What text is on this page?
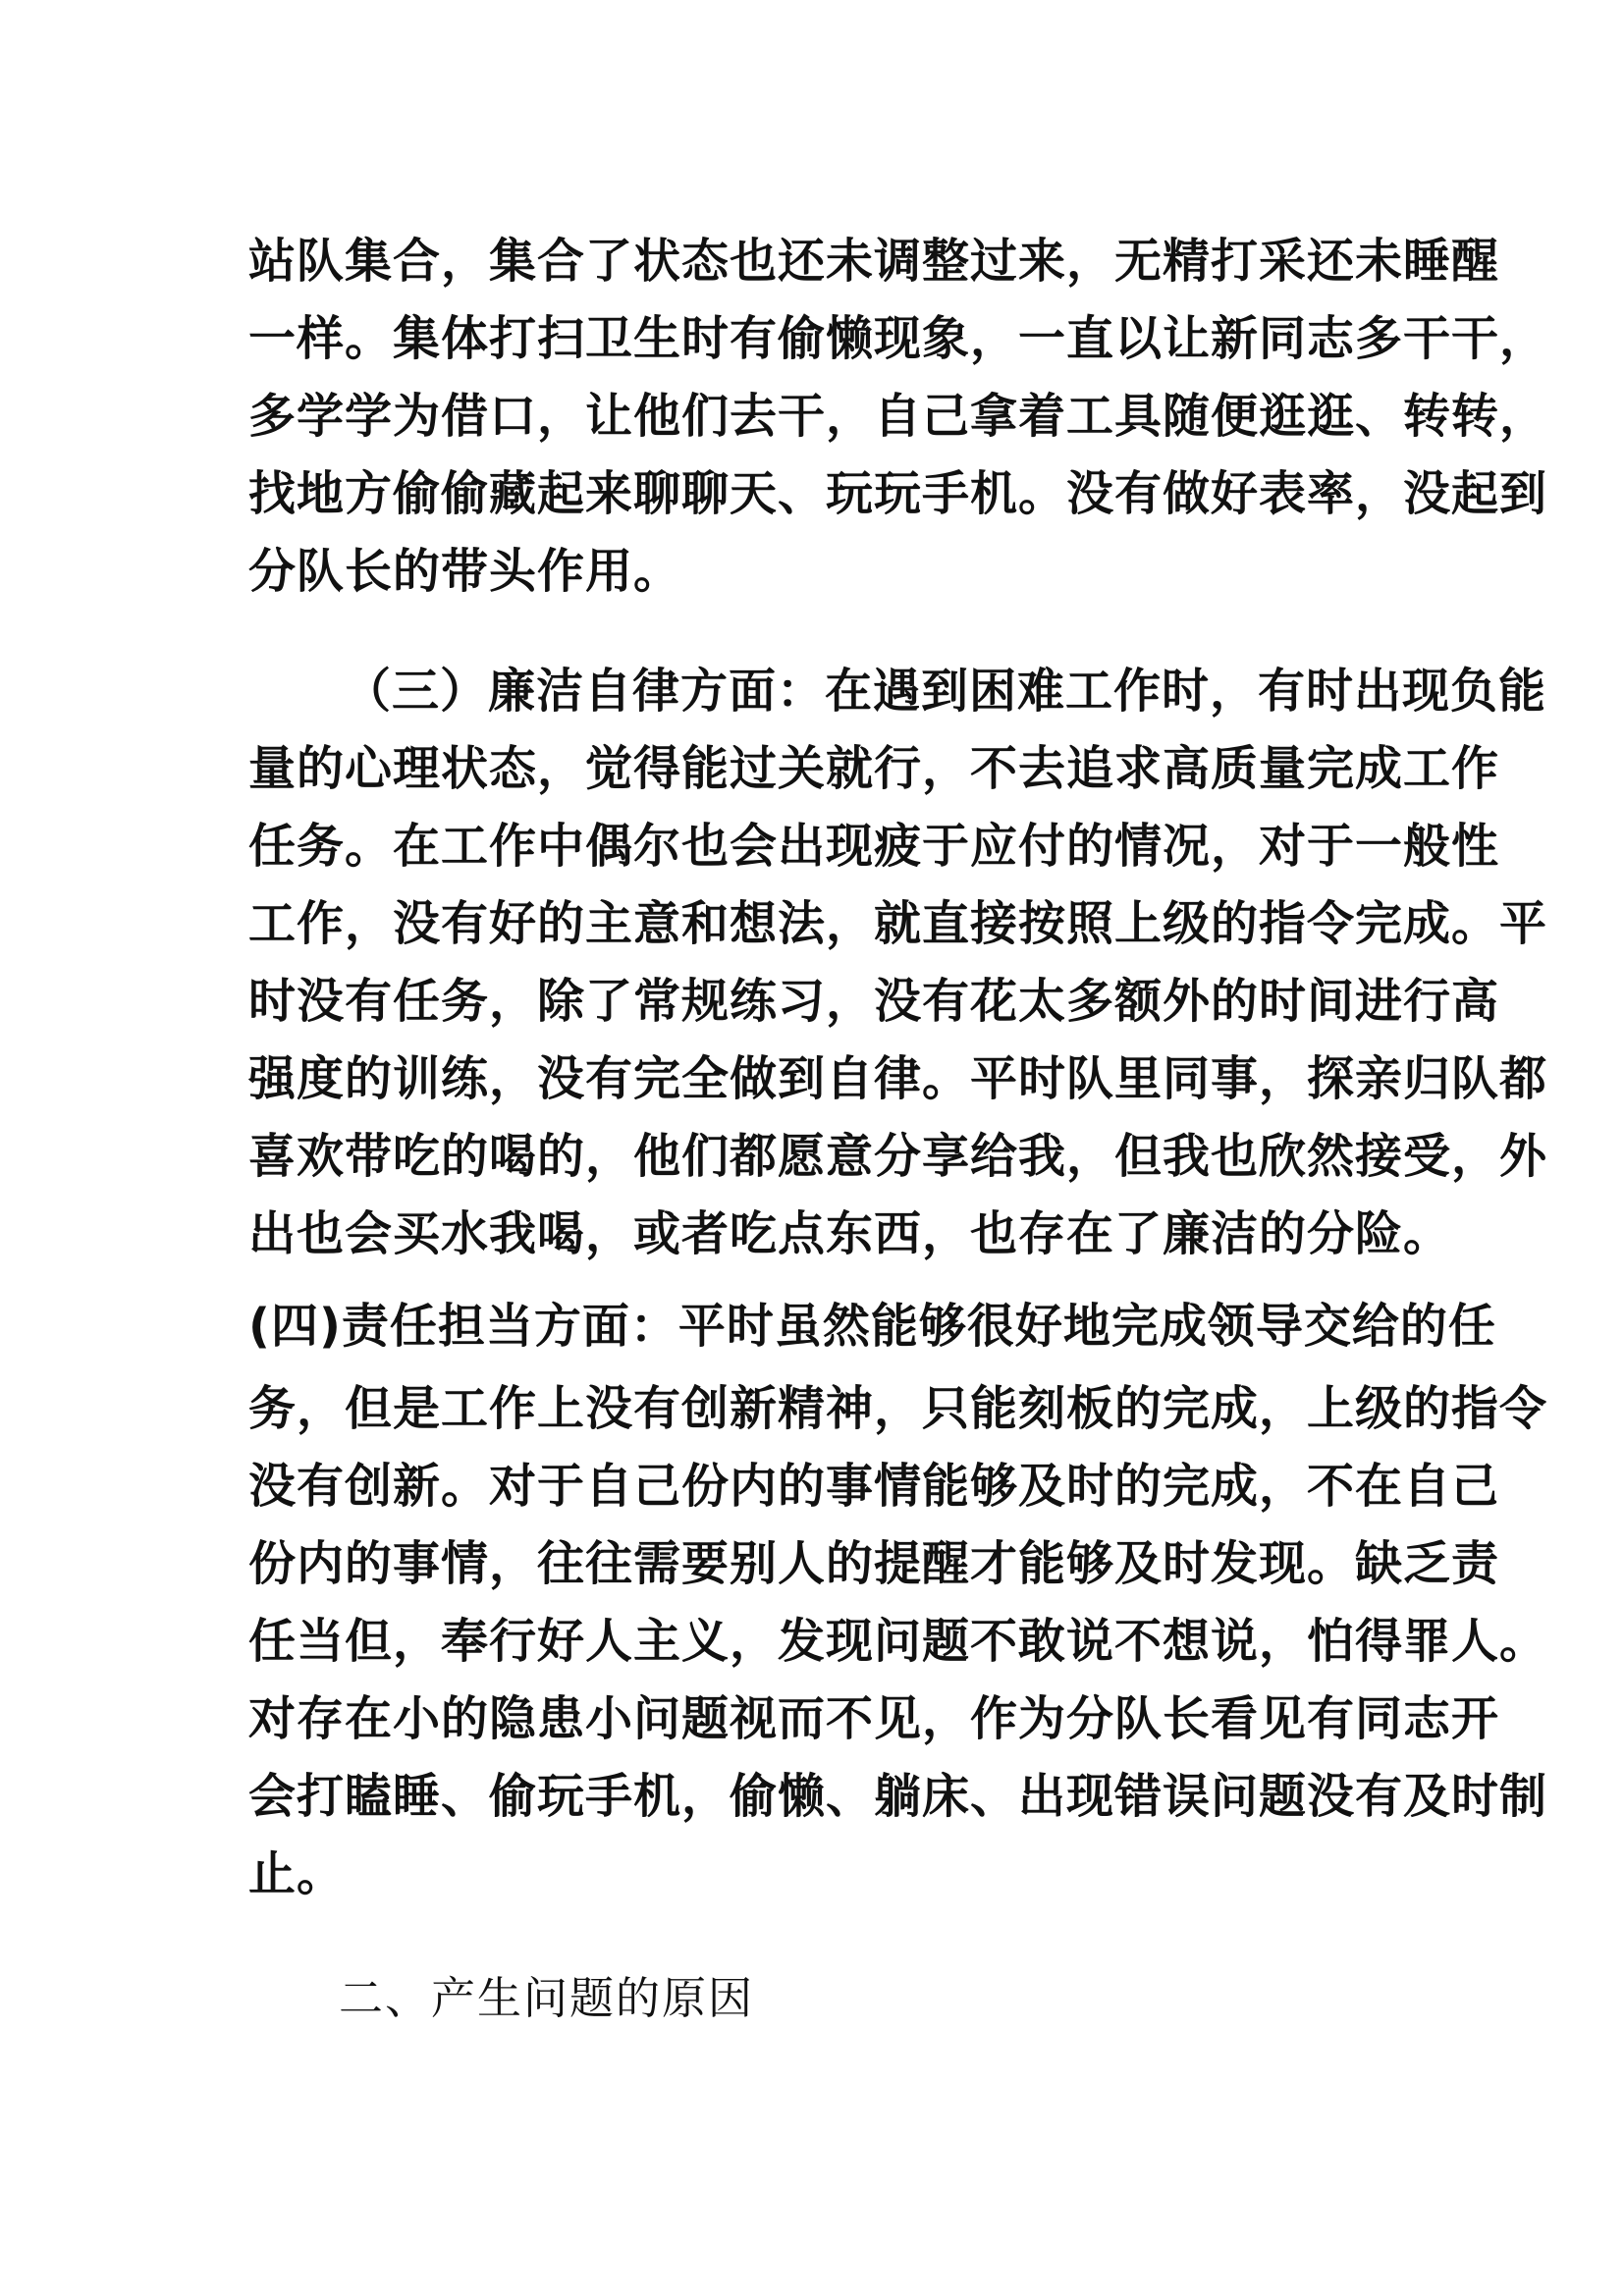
站队集合，集合了状态也还未调整过来，无精打采还未睡醒

一样。集体打扫卫生时有偷懒现象，一直以让新同志多干干，

多学学为借口，让他们去干，自己拿着工具随便逛逛、转转，

找地方偷偷藏起来聊聊天、玩玩手机。没有做好表率，没起到

分队长的带头作用。

（三）廉洁自律方面：在遇到困难工作时，有时出现负能

量的心理状态，觉得能过关就行，不去追求高质量完成工作

任务。在工作中偶尔也会出现疲于应付的情况，对于一般性

工作，没有好的主意和想法，就直接按照上级的指令完成。平

时没有任务，除了常规练习，没有花太多额外的时间进行高

强度的训练，没有完全做到自律。平时队里同事，探亲归队都

喜欢带吃的喝的，他们都愿意分享给我，但我也欣然接受，外

出也会买水我喝，或者吃点东西，也存在了廉洁的分险。

(四)责任担当方面：平时虽然能够很好地完成领导交给的任

务，但是工作上没有创新精神，只能刻板的完成，上级的指令

没有创新。对于自己份内的事情能够及时的完成，不在自己

份内的事情，往往需要别人的提醒才能够及时发现。缺乏责

任当但，奉行好人主义，发现问题不敢说不想说，怕得罪人。

对存在小的隐患小问题视而不见，作为分队长看见有同志开

会打瞌睡、偷玩手机，偷懒、躺床、出现错误问题没有及时制

止。

二、产生问题的原因
